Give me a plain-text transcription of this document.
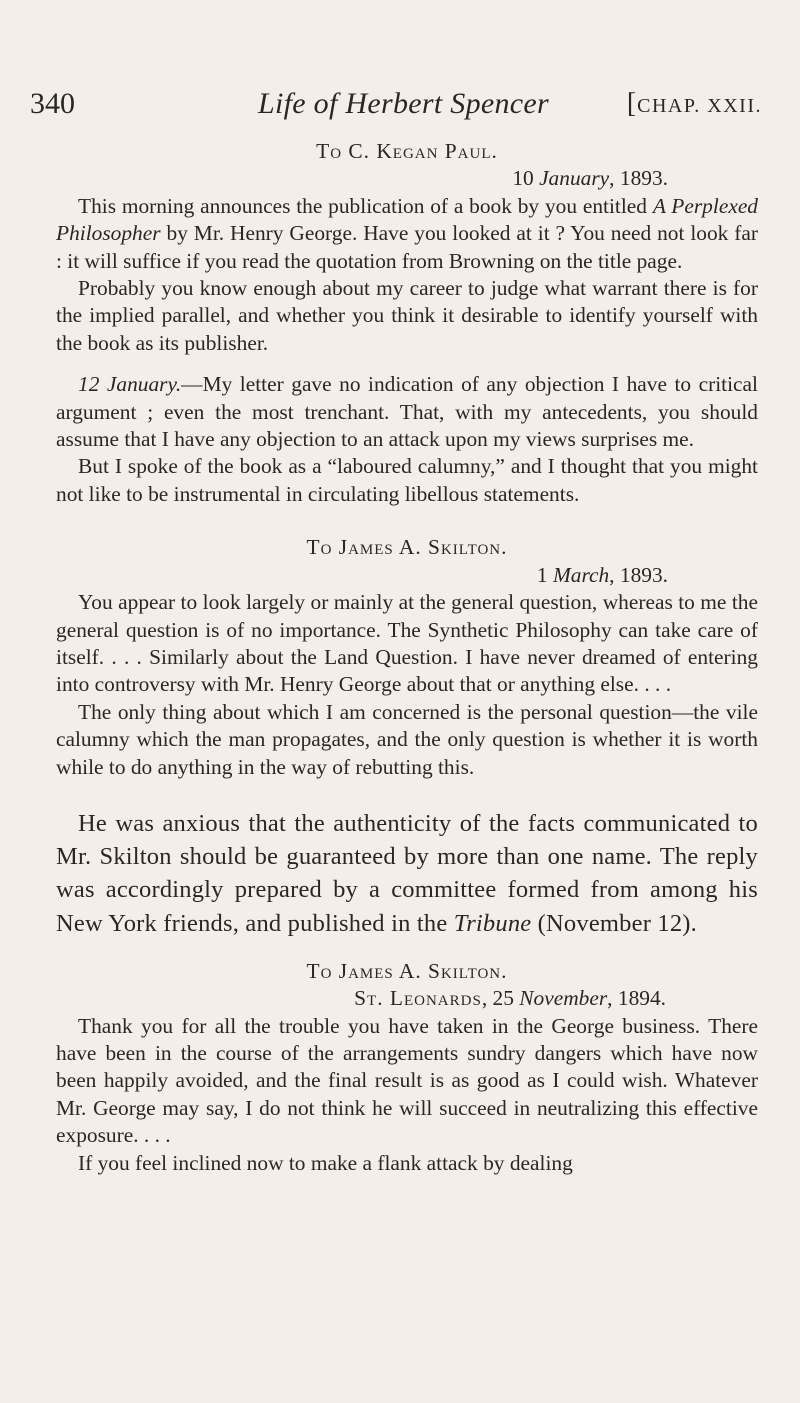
340	Life of Herbert Spencer	[CHAP. XXII.
To C. Kegan Paul.
10 January, 1893.

This morning announces the publication of a book by you entitled A Perplexed Philosopher by Mr. Henry George. Have you looked at it ? You need not look far : it will suffice if you read the quotation from Browning on the title page.

Probably you know enough about my career to judge what warrant there is for the implied parallel, and whether you think it desirable to identify yourself with the book as its publisher.

12 January.—My letter gave no indication of any objection I have to critical argument ; even the most trenchant. That, with my antecedents, you should assume that I have any objection to an attack upon my views surprises me.

But I spoke of the book as a “laboured calumny,” and I thought that you might not like to be instrumental in circulating libellous statements.

To James A. Skilton.
1 March, 1893.

You appear to look largely or mainly at the general question, whereas to me the general question is of no importance. The Synthetic Philosophy can take care of itself. . . . Similarly about the Land Question. I have never dreamed of entering into controversy with Mr. Henry George about that or anything else. . . .

The only thing about which I am concerned is the personal question—the vile calumny which the man propagates, and the only question is whether it is worth while to do anything in the way of rebutting this.

He was anxious that the authenticity of the facts communicated to Mr. Skilton should be guaranteed by more than one name. The reply was accordingly prepared by a committee formed from among his New York friends, and published in the Tribune (November 12).

To James A. Skilton.
St. Leonards, 25 November, 1894.

Thank you for all the trouble you have taken in the George business. There have been in the course of the arrangements sundry dangers which have now been happily avoided, and the final result is as good as I could wish. Whatever Mr. George may say, I do not think he will succeed in neutralizing this effective exposure. . . .

If you feel inclined now to make a flank attack by dealing
